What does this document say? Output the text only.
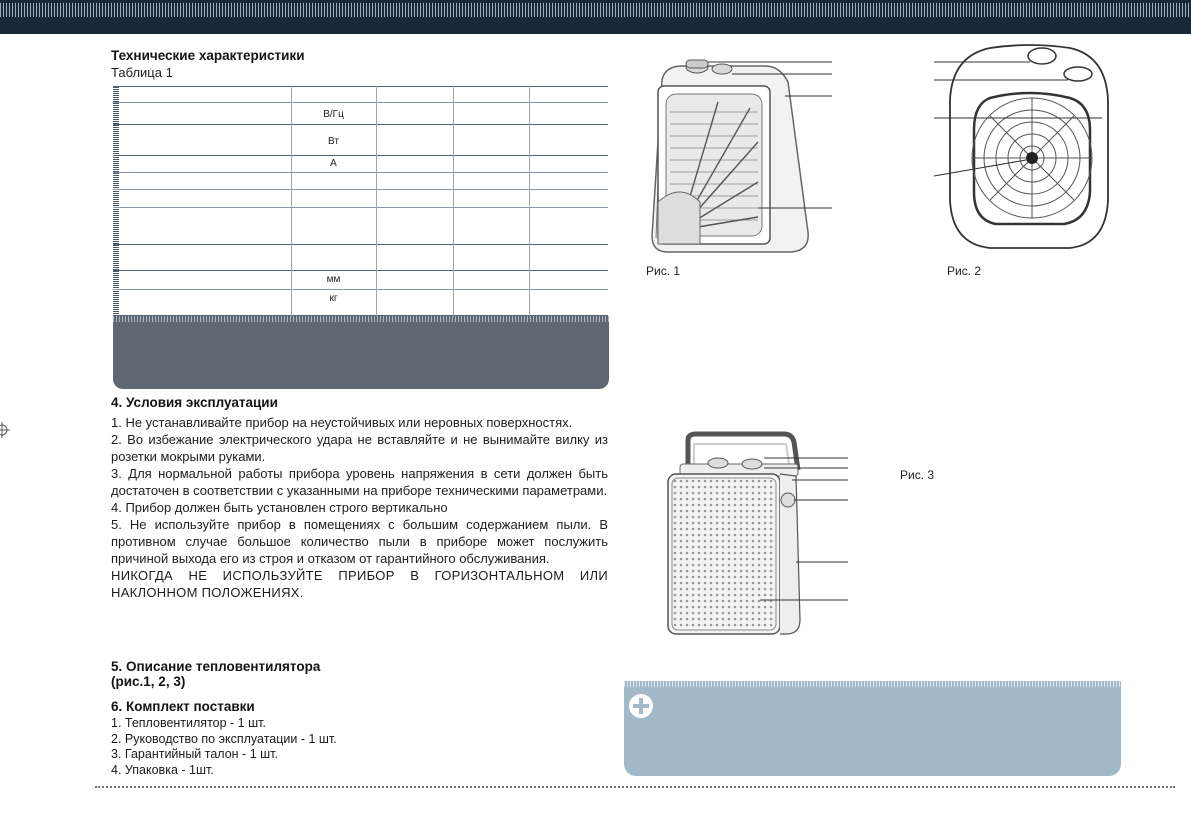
Технические характеристики
Таблица 1
В/Гц
Вт
А
мм
кг
4. Условия эксплуатации

1. Не устанавливайте прибор на неустойчивых или неровных поверхностях.

2. Во избежание электрического удара не вставляйте и не вынимайте вилку из розетки мокрыми руками.

3. Для нормальной работы прибора уровень напряжения в сети должен быть достаточен в соответствии с указанными на приборе техническими параметрами.

4. Прибор должен быть установлен строго вертикально

5. Не используйте прибор в помещениях с большим содержанием пыли. В противном случае большое количество пыли в приборе может послужить причиной выхода его из строя и отказом от гарантийного обслуживания.

НИКОГДА НЕ ИСПОЛЬЗУЙТЕ ПРИБОР В ГОРИЗОНТАЛЬНОМ ИЛИ НАКЛОННОМ ПОЛОЖЕНИЯХ.

5. Описание тепловентилятора
(рис.1, 2, 3)
6. Комплект поставки
1. Тепловентилятор - 1 шт.
2. Руководство по эксплуатации - 1 шт.
3. Гарантийный талон - 1 шт.
4. Упаковка - 1шт.
Рис. 1	Рис. 2
Рис. 3
